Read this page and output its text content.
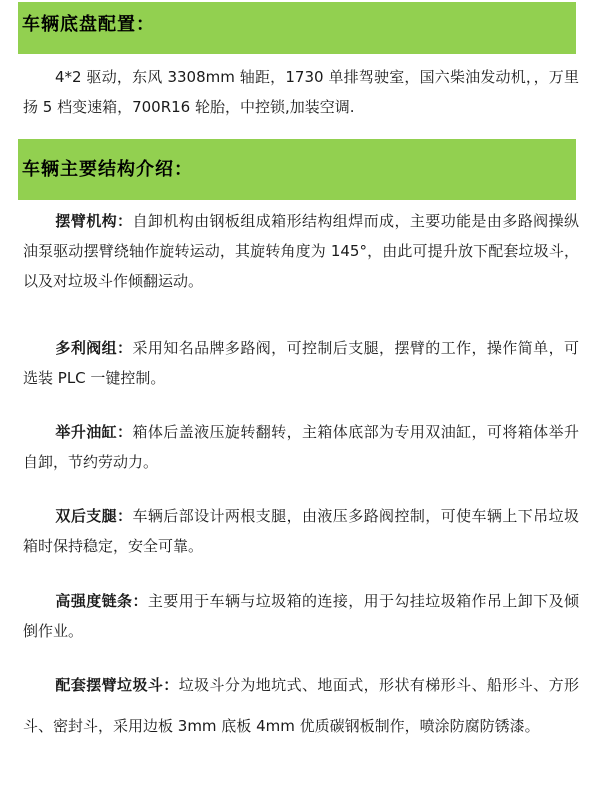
车辆底盘配置：

4*2 驱动，东风 3308mm 轴距，1730 单排驾驶室，国六柴油发动机，，万里扬 5 档变速箱，700R16 轮胎，中控锁,加装空调.

车辆主要结构介绍：

摆臂机构：自卸机构由钢板组成箱形结构组焊而成，主要功能是由多路阀操纵油泵驱动摆臂绕轴作旋转运动，其旋转角度为 145°，由此可提升放下配套垃圾斗，以及对垃圾斗作倾翻运动。

多利阀组：采用知名品牌多路阀，可控制后支腿，摆臂的工作，操作简单，可选装 PLC 一键控制。

举升油缸：箱体后盖液压旋转翻转，主箱体底部为专用双油缸，可将箱体举升自卸，节约劳动力。

双后支腿：车辆后部设计两根支腿，由液压多路阀控制，可使车辆上下吊垃圾箱时保持稳定，安全可靠。

高强度链条：主要用于车辆与垃圾箱的连接，用于勾挂垃圾箱作吊上卸下及倾倒作业。

配套摆臂垃圾斗：垃圾斗分为地坑式、地面式，形状有梯形斗、船形斗、方形斗、密封斗，采用边板 3mm 底板 4mm 优质碳钢板制作，喷涂防腐防锈漆。
